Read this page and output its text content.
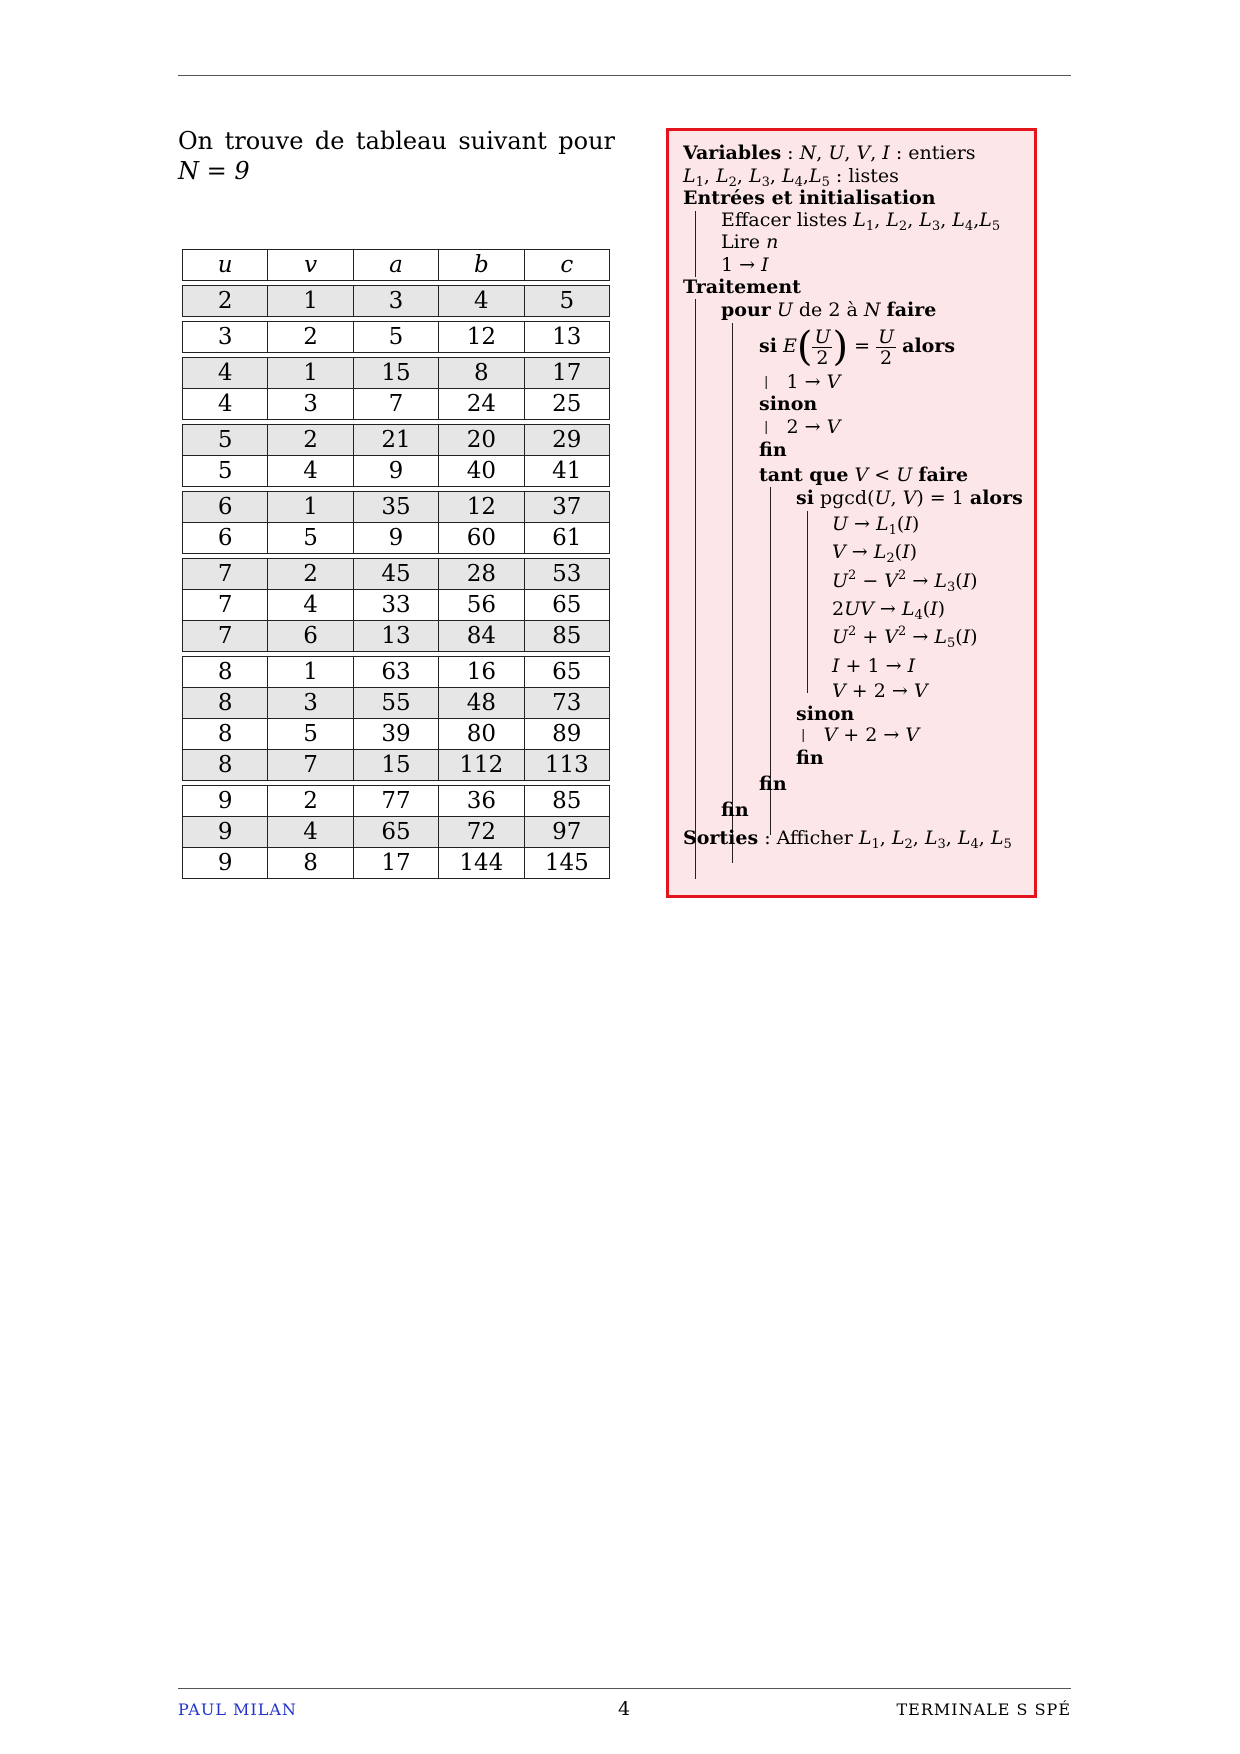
On trouve de tableau suivant pour
N = 9
u	v	a	b	c
2	1	3	4	5
3	2	5	12	13
4	1	15	8	17
4	3	7	24	25
5	2	21	20	29
5	4	9	40	41
6	1	35	12	37
6	5	9	60	61
7	2	45	28	53
7	4	33	56	65
7	6	13	84	85
8	1	63	16	65
8	3	55	48	73
8	5	39	80	89
8	7	15	112	113
9	2	77	36	85
9	4	65	72	97
9	8	17	144	145
Variables : N, U, V, I : entiers
$L_1$, $L_2$, $L_3$, $L_4,L_5$ : listes
Entrées et initialisation
Effacer listes $L_1$, $L_2$, $L_3$, $L_4,L_5$
Lire n
1 → I
Traitement
pour U de 2 à N faire
si $E( \frac{U}{2}$ ) = $\frac{U}{2}$ alors
|   1 → V
sinon
|   2 → V
fin
tant que V < U faire
si pgcd(U, V) = 1 alors
$U \to L_1(I)$
$V \to L_2(I)$
$U^2 - V^2 \to L_3(I)$
$2UV \to L_4(I)$
$U^2 + V^2 \to L_5(I)$
I + 1 → I
V + 2 → V
sinon
| V + 2 → V
fin
fin
fin
Sorties : Afficher $L_1$, $L_2$, $L_3$, $L_4$, $L_5$
PAUL MILAN	4	TERMINALE S SPÉ
